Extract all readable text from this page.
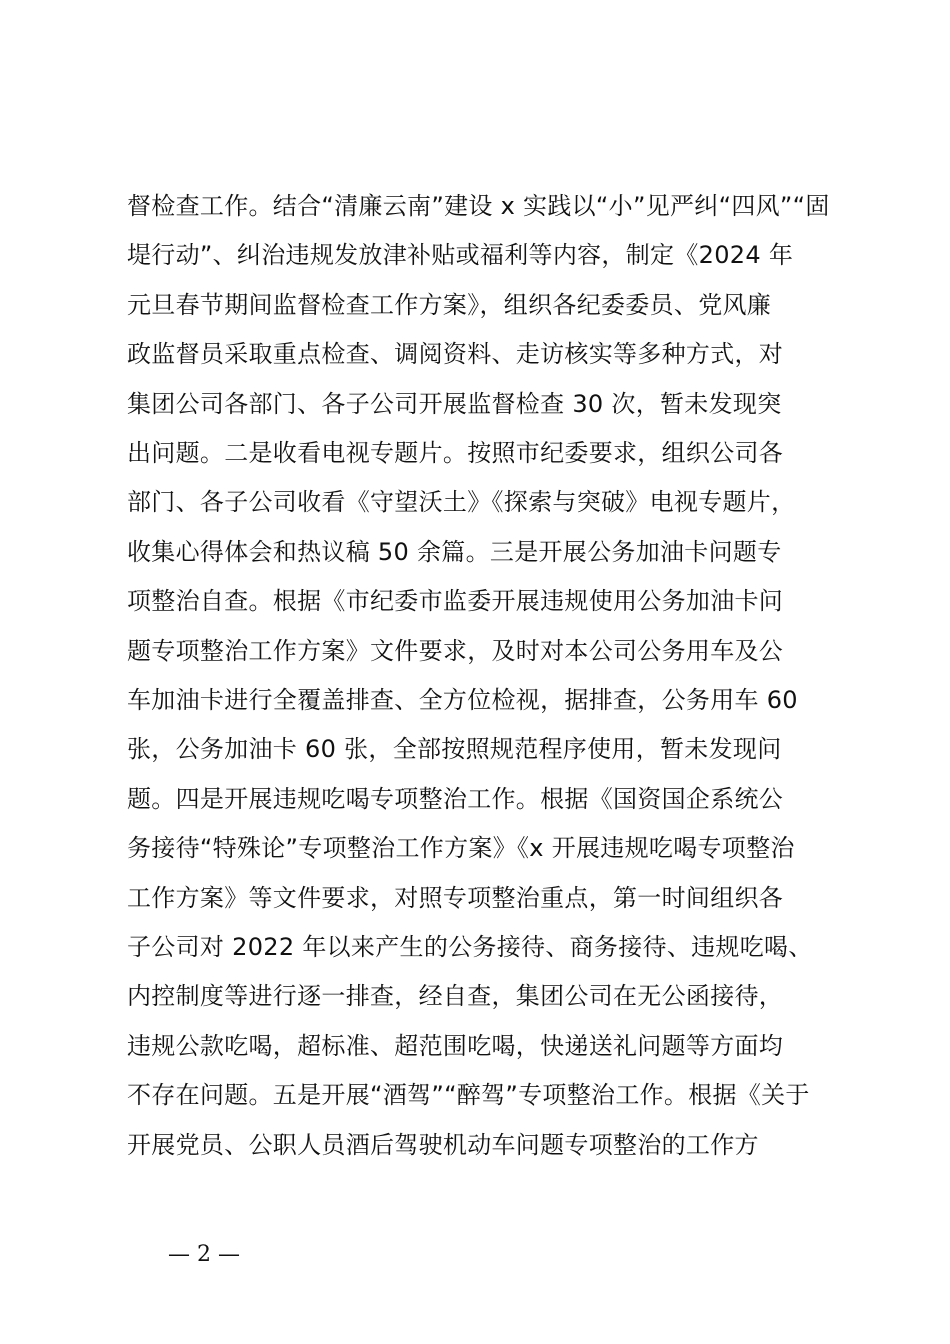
督检查工作。结合“清廉云南”建设 x 实践以“小”见严纠“四风”“固
堤行动”、纠治违规发放津补贴或福利等内容，制定《2024 年
元旦春节期间监督检查工作方案》，组织各纪委委员、党风廉
政监督员采取重点检查、调阅资料、走访核实等多种方式，对
集团公司各部门、各子公司开展监督检查 30 次，暂未发现突
出问题。二是收看电视专题片。按照市纪委要求，组织公司各
部门、各子公司收看《守望沃土》《探索与突破》电视专题片，
收集心得体会和热议稿 50 余篇。三是开展公务加油卡问题专
项整治自查。根据《市纪委市监委开展违规使用公务加油卡问
题专项整治工作方案》文件要求，及时对本公司公务用车及公
车加油卡进行全覆盖排查、全方位检视，据排查，公务用车 60
张，公务加油卡 60 张，全部按照规范程序使用，暂未发现问
题。四是开展违规吃喝专项整治工作。根据《国资国企系统公
务接待“特殊论”专项整治工作方案》《x 开展违规吃喝专项整治
工作方案》等文件要求，对照专项整治重点，第一时间组织各
子公司对 2022 年以来产生的公务接待、商务接待、违规吃喝、
内控制度等进行逐一排查，经自查，集团公司在无公函接待，
违规公款吃喝，超标准、超范围吃喝，快递送礼问题等方面均
不存在问题。五是开展“酒驾”“醉驾”专项整治工作。根据《关于
开展党员、公职人员酒后驾驶机动车问题专项整治的工作方
— 2 —
